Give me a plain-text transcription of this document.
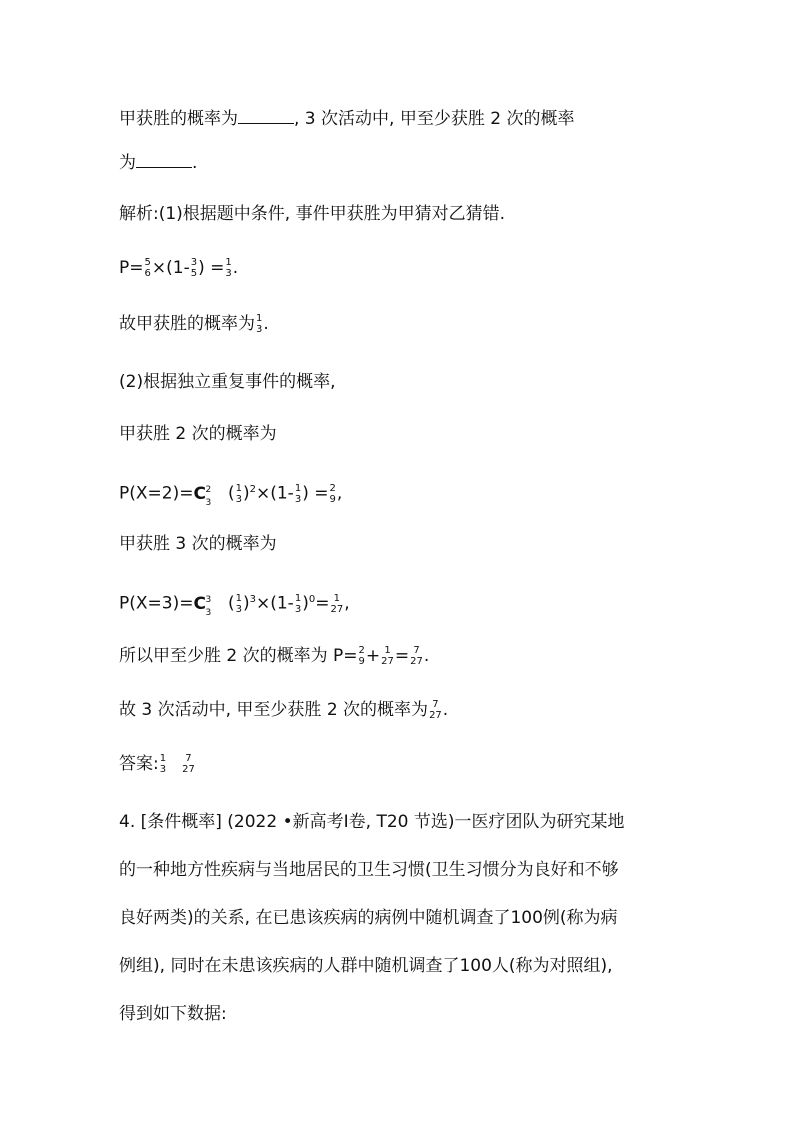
甲获胜的概率为	, 3 次活动中, 甲至少获胜 2 次的概率
为	.
解析:(1)根据题中条件, 事件甲获胜为甲猜对乙猜错.
P= 5
6 ×(1- 3
5 ) = 1
3 .
故甲获胜的概率为 1
3 .
(2)根据独立重复事件的概率,
甲获胜 2 次的概率为
P(X=2)=C 2
3 ( 1
3 )$^2$×(1- 1
3 ) = 2
9 ,
甲获胜 3 次的概率为
P(X=3)=C 3
3 ( 1
3 )$^3$×(1- 1
3 )$^0$= 1
27 ,
所以甲至少胜 2 次的概率为 P= 2
9 + 1
27 = 7
27 .
故 3 次活动中, 甲至少获胜 2 次的概率为 7
27 .
答案: 1
3
7
27
4. [条件概率] (2022 •新高考Ⅰ卷, T20 节选)一医疗团队为研究某地
的一种地方性疾病与当地居民的卫生习惯(卫生习惯分为良好和不够
良好两类)的关系, 在已患该疾病的病例中随机调查了100例(称为病
例组), 同时在未患该疾病的人群中随机调查了100人(称为对照组),
得到如下数据:
